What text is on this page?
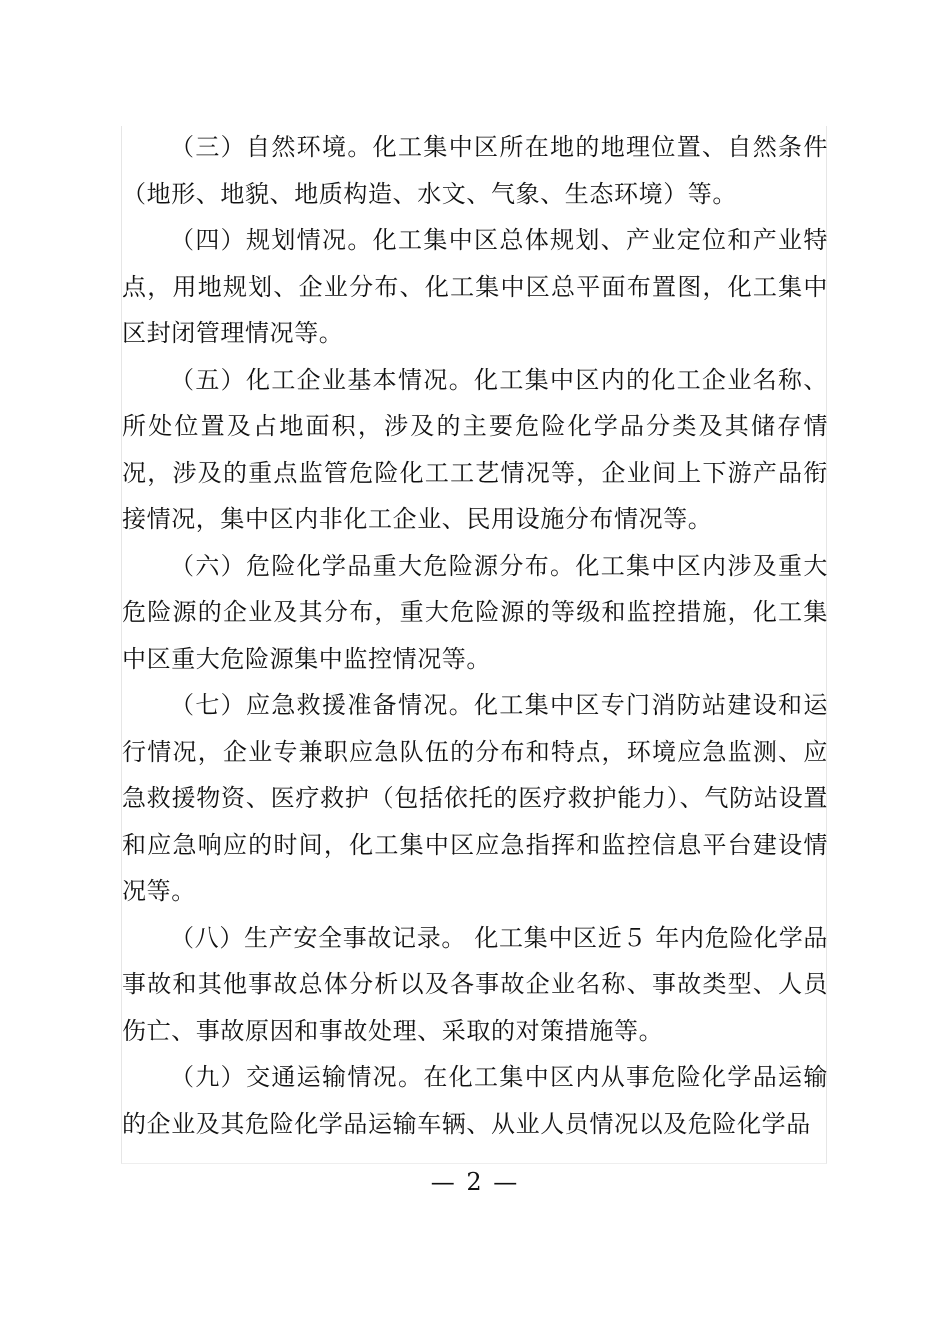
（三）自然环境。化工集中区所在地的地理位置、自然条件（地形、地貌、地质构造、水文、气象、生态环境）等。

（四）规划情况。化工集中区总体规划、产业定位和产业特点，用地规划、企业分布、化工集中区总平面布置图，化工集中区封闭管理情况等。

（五）化工企业基本情况。化工集中区内的化工企业名称、所处位置及占地面积，涉及的主要危险化学品分类及其储存情况，涉及的重点监管危险化工工艺情况等，企业间上下游产品衔接情况，集中区内非化工企业、民用设施分布情况等。

（六）危险化学品重大危险源分布。化工集中区内涉及重大危险源的企业及其分布，重大危险源的等级和监控措施，化工集中区重大危险源集中监控情况等。

（七）应急救援准备情况。化工集中区专门消防站建设和运行情况，企业专兼职应急队伍的分布和特点，环境应急监测、应急救援物资、医疗救护（包括依托的医疗救护能力）、气防站设置和应急响应的时间，化工集中区应急指挥和监控信息平台建设情况等。

（八）生产安全事故记录。 化工集中区近５ 年内危险化学品事故和其他事故总体分析以及各事故企业名称、事故类型、人员伤亡、事故原因和事故处理、采取的对策措施等。

（九）交通运输情况。在化工集中区内从事危险化学品运输的企业及其危险化学品运输车辆、从业人员情况以及危险化学品

— 2 —
